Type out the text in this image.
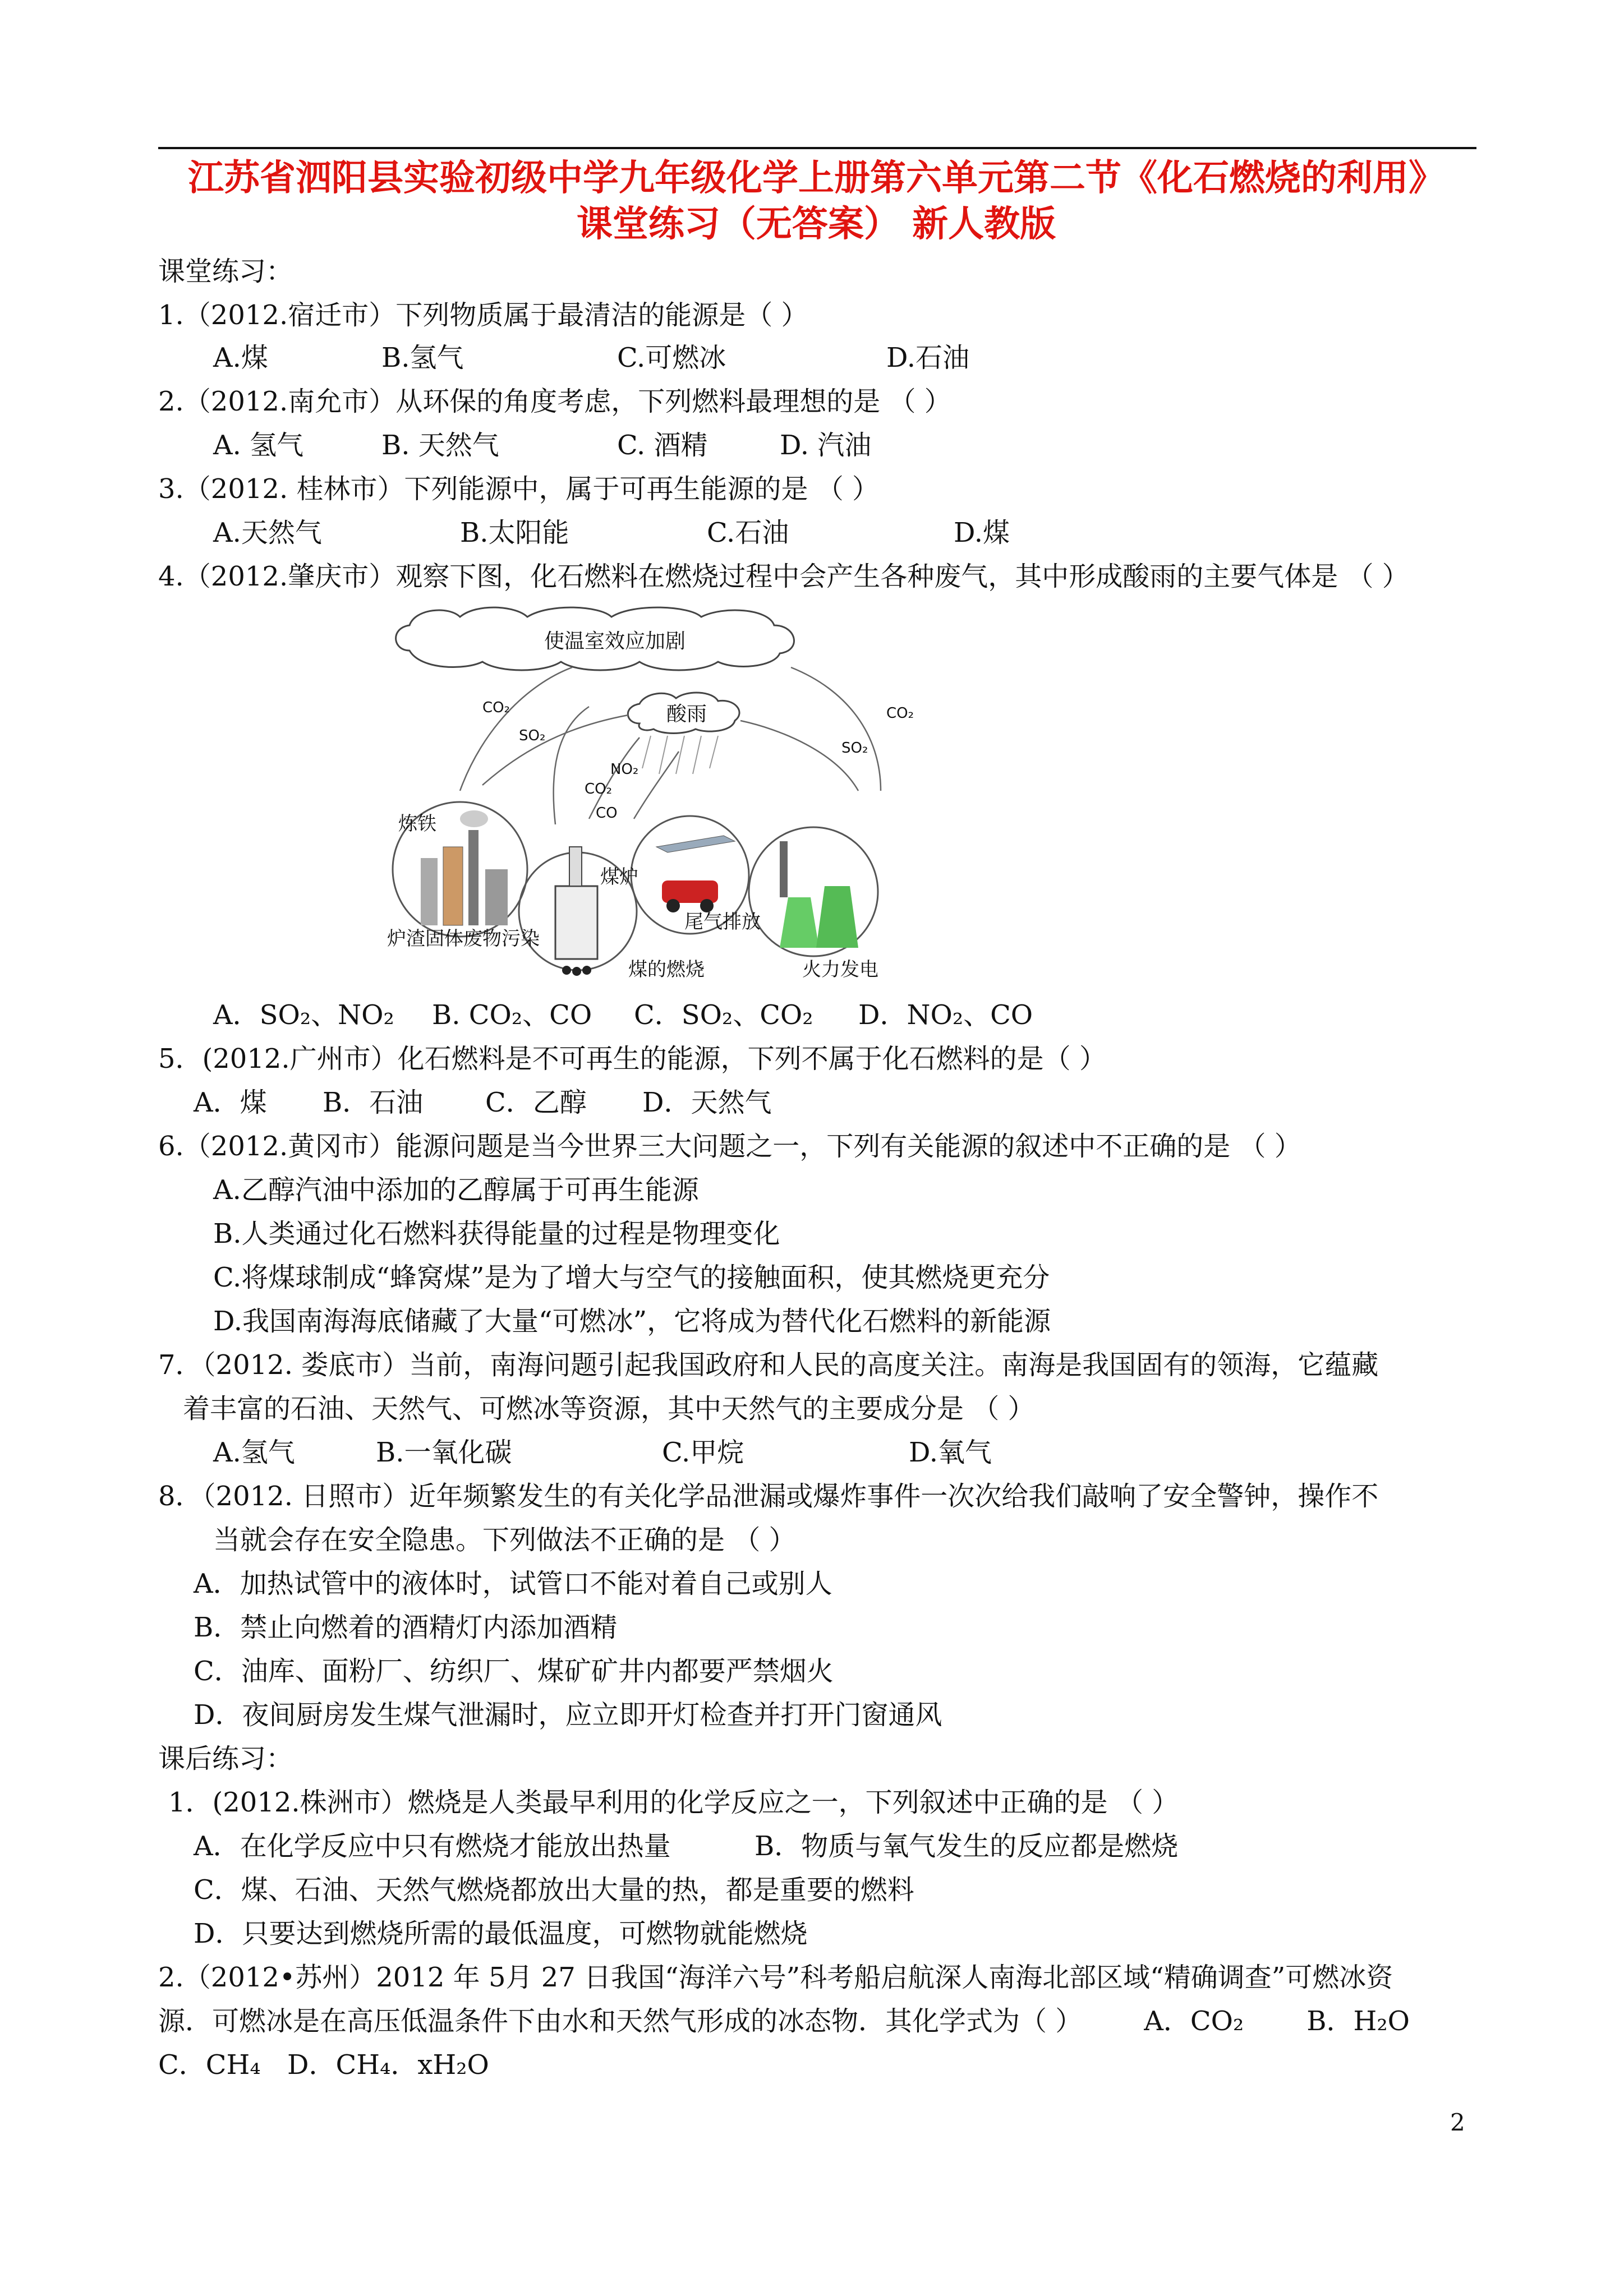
江苏省泗阳县实验初级中学九年级化学上册第六单元第二节《化石燃烧的利用》
课堂练习（无答案） 新人教版
课堂练习：
1.（2012.宿迁市）下列物质属于最清洁的能源是（ ）
A.煤	B.氢气	C.可燃冰	D.石油
2.（2012.南允市）从环保的角度考虑，下列燃料最理想的是 （ ）
A. 氢气	B. 天然气	C. 酒精	D. 汽油
3.（2012. 桂林市）下列能源中，属于可再生能源的是 （ ）
A.天然气	B.太阳能	C.石油	D.煤
4.（2012.肇庆市）观察下图，化石燃料在燃烧过程中会产生各种废气，其中形成酸雨的主要气体是 （ ）
使温室效应加剧
酸雨
CO₂
SO₂
CO₂
SO₂
NO₂
CO₂
CO
炼铁
煤炉
尾气排放
火力发电
炉渣固体废物污染
煤的燃烧
A．SO₂、NO₂ B. CO₂、CO C．SO₂、CO₂ D．NO₂、CO
5．(2012.广州市）化石燃料是不可再生的能源，下列不属于化石燃料的是（ ）
A．煤 B．石油 C．乙醇 D．天然气
6.（2012.黄冈市）能源问题是当今世界三大问题之一，下列有关能源的叙述中不正确的是 （ ）
A.乙醇汽油中添加的乙醇属于可再生能源
B.人类通过化石燃料获得能量的过程是物理变化
C.将煤球制成“蜂窝煤”是为了增大与空气的接触面积，使其燃烧更充分
D.我国南海海底储藏了大量“可燃冰”，它将成为替代化石燃料的新能源
7．（2012. 娄底市）当前，南海问题引起我国政府和人民的高度关注。南海是我国固有的领海，它蕴藏
着丰富的石油、天然气、可燃冰等资源，其中天然气的主要成分是 （ ）
A.氢气	B.一氧化碳	C.甲烷	D.氧气
8．（2012. 日照市）近年频繁发生的有关化学品泄漏或爆炸事件一次次给我们敲响了安全警钟，操作不
当就会存在安全隐患。下列做法不正确的是 （ ）
A．加热试管中的液体时，试管口不能对着自己或别人
B．禁止向燃着的酒精灯内添加酒精
C．油库、面粉厂、纺织厂、煤矿矿井内都要严禁烟火
D．夜间厨房发生煤气泄漏时，应立即开灯检查并打开门窗通风
课后练习：
1．(2012.株洲市）燃烧是人类最早利用的化学反应之一，下列叙述中正确的是 （ ）
A．在化学反应中只有燃烧才能放出热量	B．物质与氧气发生的反应都是燃烧
C．煤、石油、天然气燃烧都放出大量的热，都是重要的燃料
D．只要达到燃烧所需的最低温度，可燃物就能燃烧
2.（2012•苏州）2012 年 5月 27 日我国“海洋六号”科考船启航深人南海北部区域“精确调查”可燃冰资
源．可燃冰是在高压低温条件下由水和天然气形成的冰态物．其化学式为（ ） A．CO₂ B．H₂O
C．CH₄ D．CH₄．xH₂O
2
